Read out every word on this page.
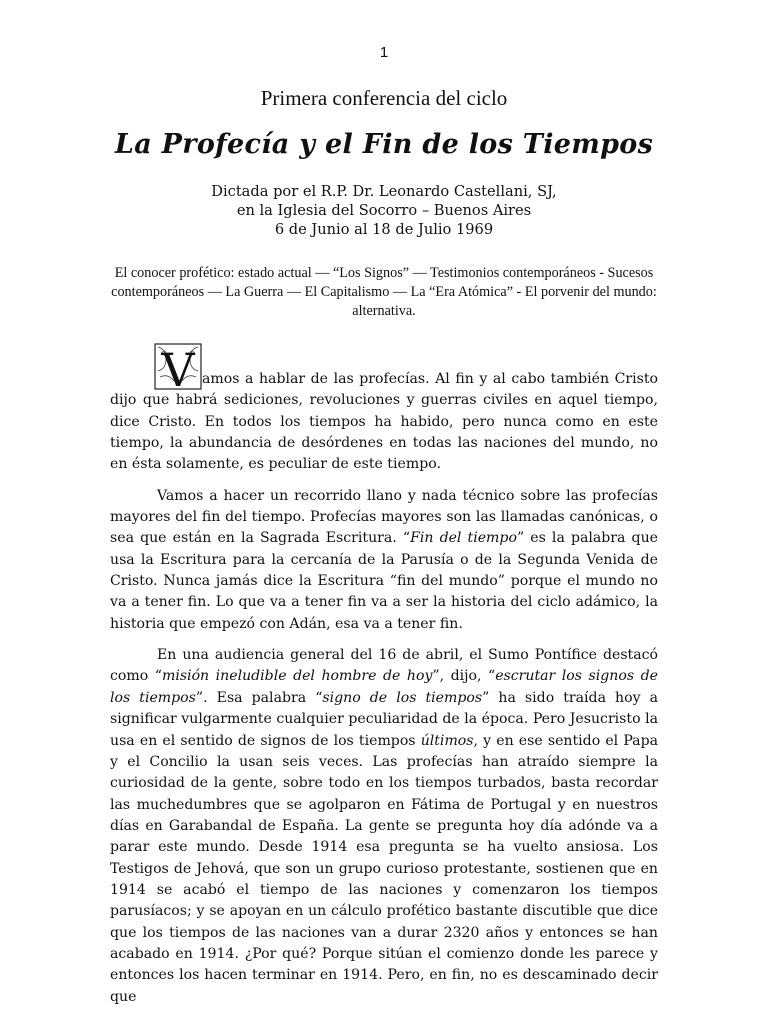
1
Primera conferencia del ciclo
La Profecía y el Fin de los Tiempos
Dictada por el R.P. Dr. Leonardo Castellani, SJ,
en la Iglesia del Socorro – Buenos Aires
6 de Junio al 18 de Julio 1969
El conocer profético: estado actual — “Los Signos” — Testimonios contemporáneos - Sucesos contemporáneos — La Guerra — El Capitalismo — La “Era Atómica” - El porvenir del mundo: alternativa.

V amos a hablar de las profecías. Al fin y al cabo también Cristo dijo que habrá sediciones, revoluciones y guerras civiles en aquel tiempo, dice Cristo. En todos los tiempos ha habido, pero nunca como en este tiempo, la abundancia de desórdenes en todas las naciones del mundo, no en ésta solamente, es peculiar de este tiempo.

Vamos a hacer un recorrido llano y nada técnico sobre las profecías mayores del fin del tiempo. Profecías mayores son las llamadas canónicas, o sea que están en la Sagrada Escritura. “Fin del tiempo” es la palabra que usa la Escritura para la cercanía de la Parusía o de la Segunda Venida de Cristo. Nunca jamás dice la Escritura “fin del mundo” porque el mundo no va a tener fin. Lo que va a tener fin va a ser la historia del ciclo adámico, la historia que empezó con Adán, esa va a tener fin.

En una audiencia general del 16 de abril, el Sumo Pontífice destacó como “misión ineludible del hombre de hoy”, dijo, “escrutar los signos de los tiempos”. Esa palabra “signo de los tiempos” ha sido traída hoy a significar vulgarmente cualquier peculiaridad de la época. Pero Jesucristo la usa en el sentido de signos de los tiempos últimos, y en ese sentido el Papa y el Concilio la usan seis veces. Las profecías han atraído siempre la curiosidad de la gente, sobre todo en los tiempos turbados, basta recordar las muchedumbres que se agolparon en Fátima de Portugal y en nuestros días en Garabandal de España. La gente se pregunta hoy día adónde va a parar este mundo. Desde 1914 esa pregunta se ha vuelto ansiosa. Los Testigos de Jehová, que son un grupo curioso protestante, sostienen que en 1914 se acabó el tiempo de las naciones y comenzaron los tiempos parusíacos; y se apoyan en un cálculo profético bastante discutible que dice que los tiempos de las naciones van a durar 2320 años y entonces se han acabado en 1914. ¿Por qué? Porque sitúan el comienzo donde les parece y entonces los hacen terminar en 1914. Pero, en fin, no es descaminado decir que
